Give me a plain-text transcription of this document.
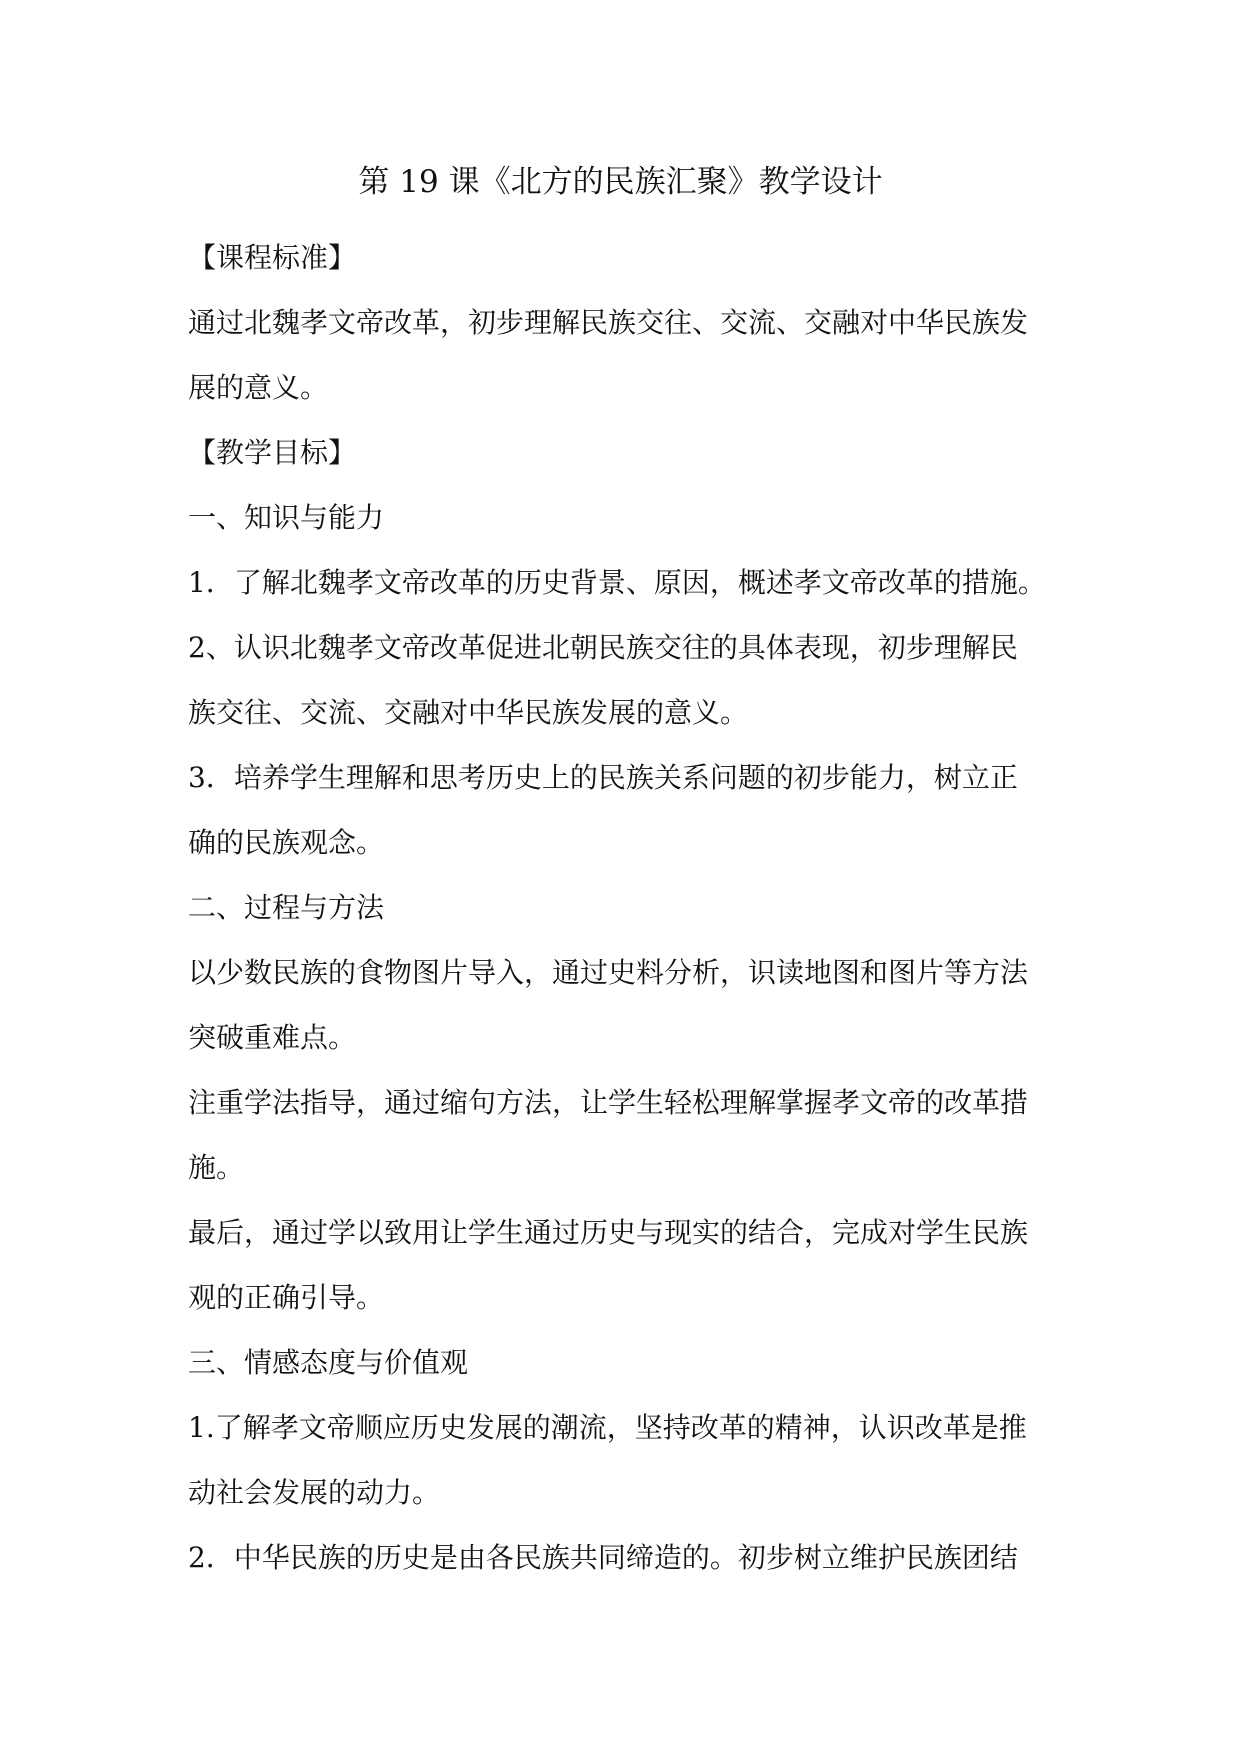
第 19 课《北方的民族汇聚》教学设计
【课程标准】
通过北魏孝文帝改革，初步理解民族交往、交流、交融对中华民族发
展的意义。
【教学目标】
一、知识与能力
1．了解北魏孝文帝改革的历史背景、原因，概述孝文帝改革的措施。
2、认识北魏孝文帝改革促进北朝民族交往的具体表现，初步理解民
族交往、交流、交融对中华民族发展的意义。
3．培养学生理解和思考历史上的民族关系问题的初步能力，树立正
确的民族观念。
二、过程与方法
以少数民族的食物图片导入，通过史料分析，识读地图和图片等方法
突破重难点。
注重学法指导，通过缩句方法，让学生轻松理解掌握孝文帝的改革措
施。
最后，通过学以致用让学生通过历史与现实的结合，完成对学生民族
观的正确引导。
三、情感态度与价值观
1.了解孝文帝顺应历史发展的潮流，坚持改革的精神，认识改革是推
动社会发展的动力。
2．中华民族的历史是由各民族共同缔造的。初步树立维护民族团结
